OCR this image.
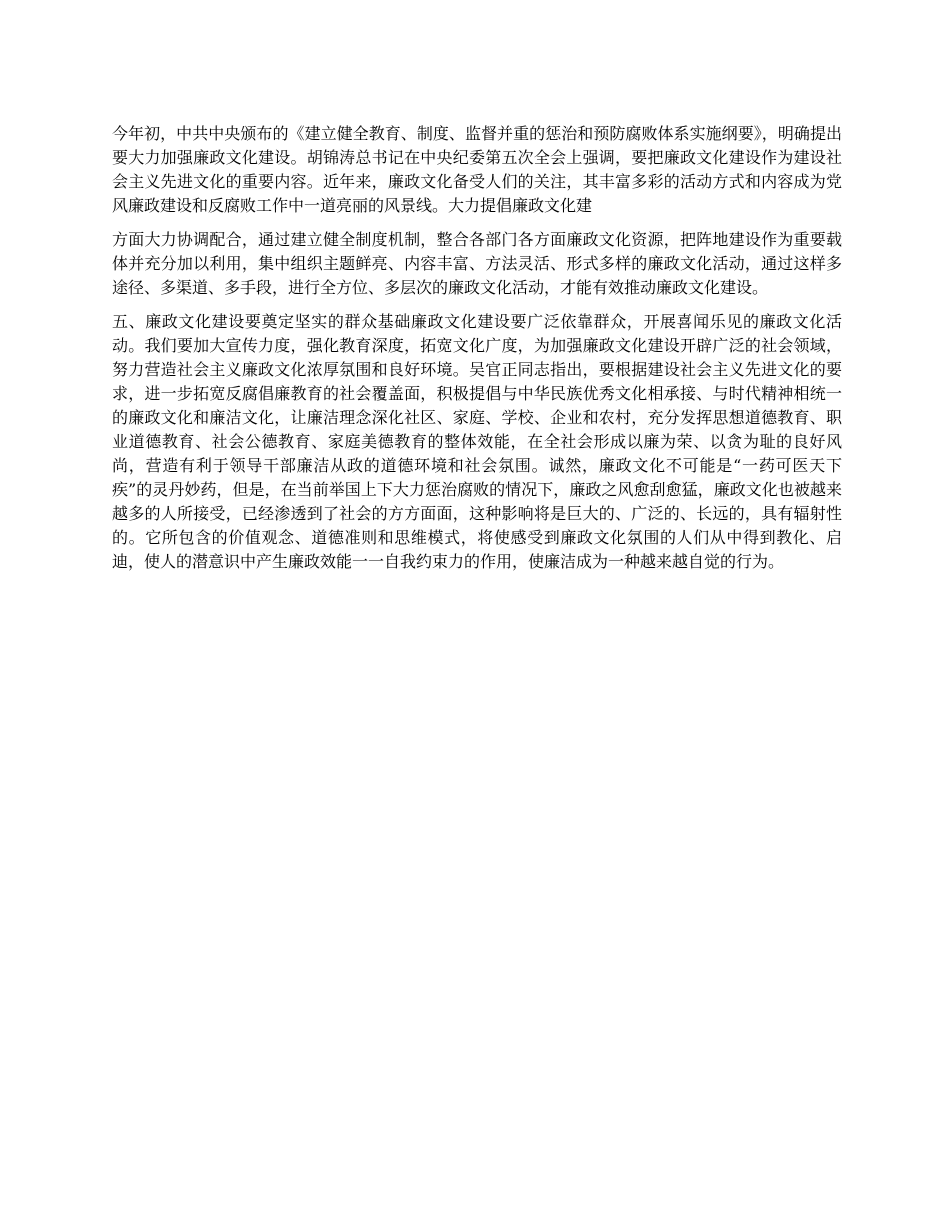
今年初，中共中央颁布的《建立健全教育、制度、监督并重的惩治和预防腐败体系实施纲要》，明确提出要大力加强廉政文化建设。胡锦涛总书记在中央纪委第五次全会上强调，要把廉政文化建设作为建设社会主义先进文化的重要内容。近年来，廉政文化备受人们的关注，其丰富多彩的活动方式和内容成为党风廉政建设和反腐败工作中一道亮丽的风景线。大力提倡廉政文化建

方面大力协调配合，通过建立健全制度机制，整合各部门各方面廉政文化资源，把阵地建设作为重要载体并充分加以利用，集中组织主题鲜亮、内容丰富、方法灵活、形式多样的廉政文化活动，通过这样多途径、多渠道、多手段，进行全方位、多层次的廉政文化活动，才能有效推动廉政文化建设。

五、廉政文化建设要奠定坚实的群众基础廉政文化建设要广泛依靠群众，开展喜闻乐见的廉政文化活动。我们要加大宣传力度，强化教育深度，拓宽文化广度，为加强廉政文化建设开辟广泛的社会领域，努力营造社会主义廉政文化浓厚氛围和良好环境。吴官正同志指出，要根据建设社会主义先进文化的要求，进一步拓宽反腐倡廉教育的社会覆盖面，积极提倡与中华民族优秀文化相承接、与时代精神相统一的廉政文化和廉洁文化，让廉洁理念深化社区、家庭、学校、企业和农村，充分发挥思想道德教育、职业道德教育、社会公德教育、家庭美德教育的整体效能，在全社会形成以廉为荣、以贪为耻的良好风尚，营造有利于领导干部廉洁从政的道德环境和社会氛围。诚然，廉政文化不可能是“一药可医天下疾”的灵丹妙药，但是，在当前举国上下大力惩治腐败的情况下，廉政之风愈刮愈猛，廉政文化也被越来越多的人所接受，已经渗透到了社会的方方面面，这种影响将是巨大的、广泛的、长远的，具有辐射性的。它所包含的价值观念、道德准则和思维模式，将使感受到廉政文化氛围的人们从中得到教化、启迪，使人的潜意识中产生廉政效能一一自我约束力的作用，使廉洁成为一种越来越自觉的行为。
